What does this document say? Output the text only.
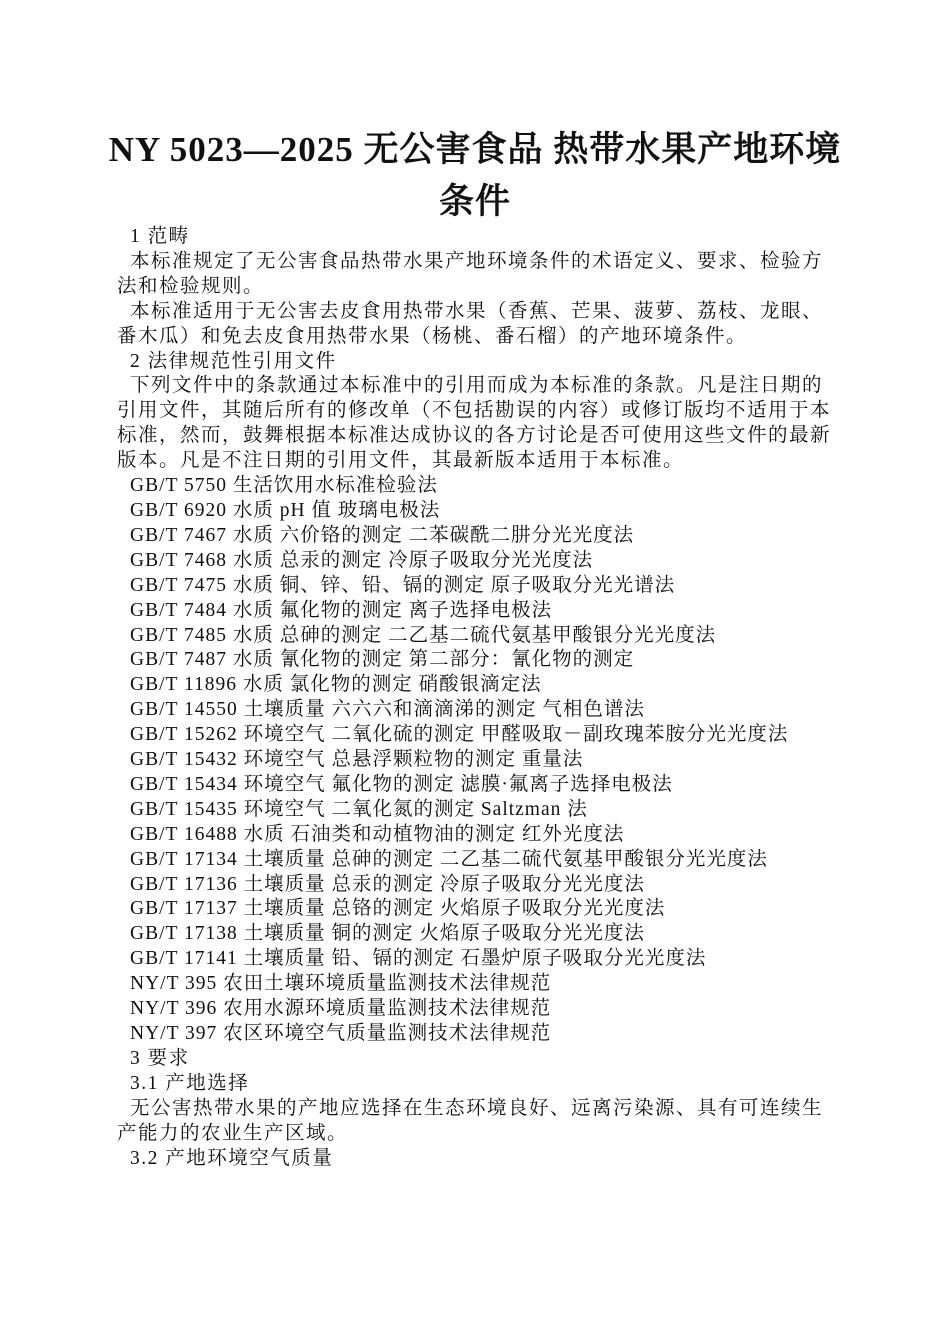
NY 5023—2025 无公害食品 热带水果产地环境条件

1 范畴

本标准规定了无公害食品热带水果产地环境条件的术语定义、要求、检验方法和检验规则。

本标准适用于无公害去皮食用热带水果（香蕉、芒果、菠萝、荔枝、龙眼、番木瓜）和免去皮食用热带水果（杨桃、番石榴）的产地环境条件。

2 法律规范性引用文件

下列文件中的条款通过本标准中的引用而成为本标准的条款。凡是注日期的引用文件，其随后所有的修改单（不包括勘误的内容）或修订版均不适用于本标准，然而，鼓舞根据本标准达成协议的各方讨论是否可使用这些文件的最新版本。凡是不注日期的引用文件，其最新版本适用于本标准。

GB/T 5750 生活饮用水标准检验法

GB/T 6920 水质 pH 值 玻璃电极法

GB/T 7467 水质 六价铬的测定 二苯碳酰二肼分光光度法

GB/T 7468 水质 总汞的测定 冷原子吸取分光光度法

GB/T 7475 水质 铜、锌、铅、镉的测定 原子吸取分光光谱法

GB/T 7484 水质 氟化物的测定 离子选择电极法

GB/T 7485 水质 总砷的测定 二乙基二硫代氨基甲酸银分光光度法

GB/T 7487 水质 氰化物的测定 第二部分：氰化物的测定

GB/T 11896 水质 氯化物的测定 硝酸银滴定法

GB/T 14550 土壤质量 六六六和滴滴涕的测定 气相色谱法

GB/T 15262 环境空气 二氧化硫的测定 甲醛吸取－副玫瑰苯胺分光光度法

GB/T 15432 环境空气 总悬浮颗粒物的测定 重量法

GB/T 15434 环境空气 氟化物的测定 滤膜·氟离子选择电极法

GB/T 15435 环境空气 二氧化氮的测定 Saltzman 法

GB/T 16488 水质 石油类和动植物油的测定 红外光度法

GB/T 17134 土壤质量 总砷的测定 二乙基二硫代氨基甲酸银分光光度法

GB/T 17136 土壤质量 总汞的测定 冷原子吸取分光光度法

GB/T 17137 土壤质量 总铬的测定 火焰原子吸取分光光度法

GB/T 17138 土壤质量 铜的测定 火焰原子吸取分光光度法

GB/T 17141 土壤质量 铅、镉的测定 石墨炉原子吸取分光光度法

NY/T 395 农田土壤环境质量监测技术法律规范

NY/T 396 农用水源环境质量监测技术法律规范

NY/T 397 农区环境空气质量监测技术法律规范

3 要求

3.1 产地选择

无公害热带水果的产地应选择在生态环境良好、远离污染源、具有可连续生产能力的农业生产区域。

3.2 产地环境空气质量
